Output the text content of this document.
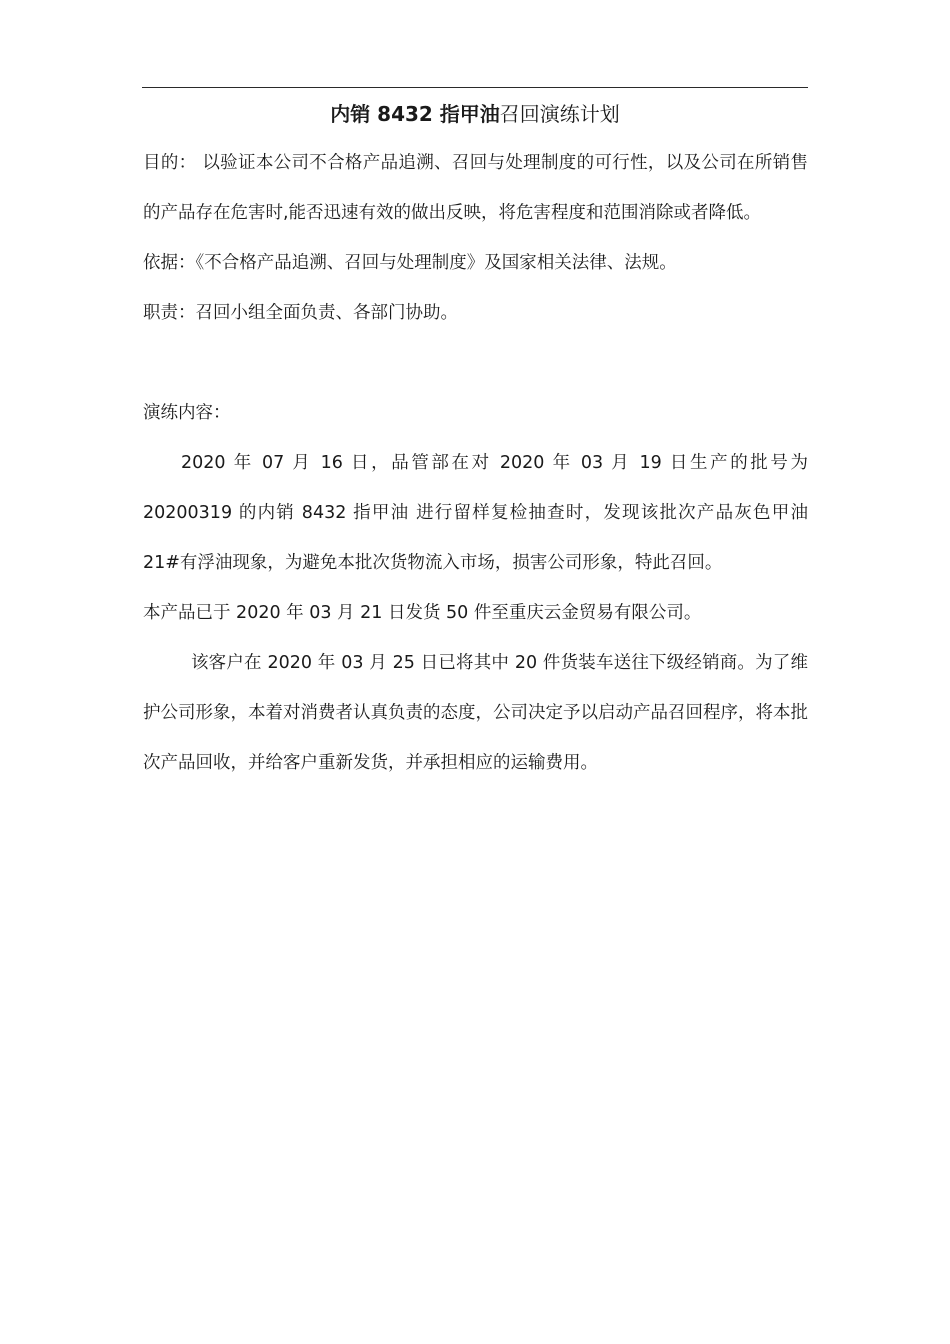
内销 8432 指甲油召回演练计划

目的： 以验证本公司不合格产品追溯、召回与处理制度的可行性，以及公司在所销售的产品存在危害时,能否迅速有效的做出反映，将危害程度和范围消除或者降低。

依据：《不合格产品追溯、召回与处理制度》及国家相关法律、法规。

职责：召回小组全面负责、各部门协助。

演练内容：

2020 年 07 月 16 日，品管部在对 2020 年 03 月 19 日生产的批号为 20200319 的内销 8432 指甲油 进行留样复检抽查时，发现该批次产品灰色甲油 21#有浮油现象，为避免本批次货物流入市场，损害公司形象，特此召回。

本产品已于 2020 年 03 月 21 日发货 50 件至重庆云金贸易有限公司。

该客户在 2020 年 03 月 25 日已将其中 20 件货装车送往下级经销商。为了维护公司形象，本着对消费者认真负责的态度，公司决定予以启动产品召回程序，将本批次产品回收，并给客户重新发货，并承担相应的运输费用。
